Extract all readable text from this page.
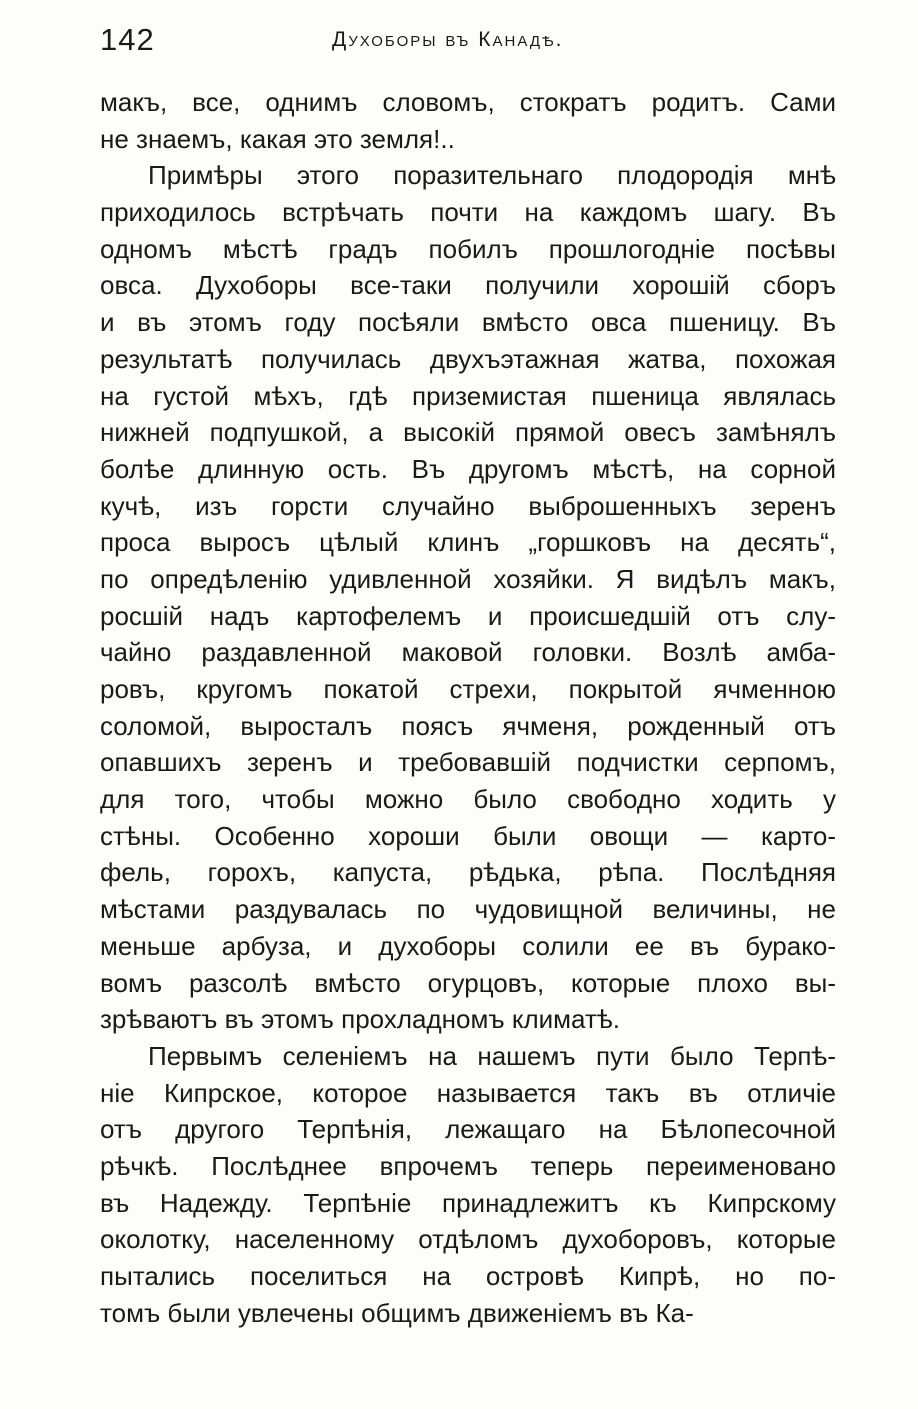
142	Духоборы въ Канадѣ.
макъ, все, однимъ словомъ, стократъ родитъ. Сами
не знаемъ, какая это земля!..
Примѣры этого поразительнаго плодородія мнѣ
приходилось встрѣчать почти на каждомъ шагу. Въ
одномъ мѣстѣ градъ побилъ прошлогодніе посѣвы
овса. Духоборы все-таки получили хорошій сборъ
и въ этомъ году посѣяли вмѣсто овса пшеницу. Въ
результатѣ получилась двухъэтажная жатва, похожая
на густой мѣхъ, гдѣ приземистая пшеница являлась
нижней подпушкой, а высокій прямой овесъ замѣнялъ
болѣе длинную ость. Въ другомъ мѣстѣ, на сорной
кучѣ, изъ горсти случайно выброшенныхъ зеренъ
проса выросъ цѣлый клинъ „горшковъ на десять“,
по опредѣленію удивленной хозяйки. Я видѣлъ макъ,
росшій надъ картофелемъ и происшедшій отъ слу-
чайно раздавленной маковой головки. Возлѣ амба-
ровъ, кругомъ покатой стрехи, покрытой ячменною
соломой, выросталъ поясъ ячменя, рожденный отъ
опавшихъ зеренъ и требовавшій подчистки серпомъ,
для того, чтобы можно было свободно ходить у
стѣны. Особенно хороши были овощи — карто-
фель, горохъ, капуста, рѣдька, рѣпа. Послѣдняя
мѣстами раздувалась по чудовищной величины, не
меньше арбуза, и духоборы солили ее въ бурако-
вомъ разсолѣ вмѣсто огурцовъ, которые плохо вы-
зрѣваютъ въ этомъ прохладномъ климатѣ.
Первымъ селеніемъ на нашемъ пути было Терпѣ-
ніе Кипрское, которое называется такъ въ отличіе
отъ другого Терпѣнія, лежащаго на Бѣлопесочной
рѣчкѣ. Послѣднее впрочемъ теперь переименовано
въ Надежду. Терпѣніе принадлежитъ къ Кипрскому
околотку, населенному отдѣломъ духоборовъ, которые
пытались поселиться на островѣ Кипрѣ, но по-
томъ были увлечены общимъ движеніемъ въ Ка-
